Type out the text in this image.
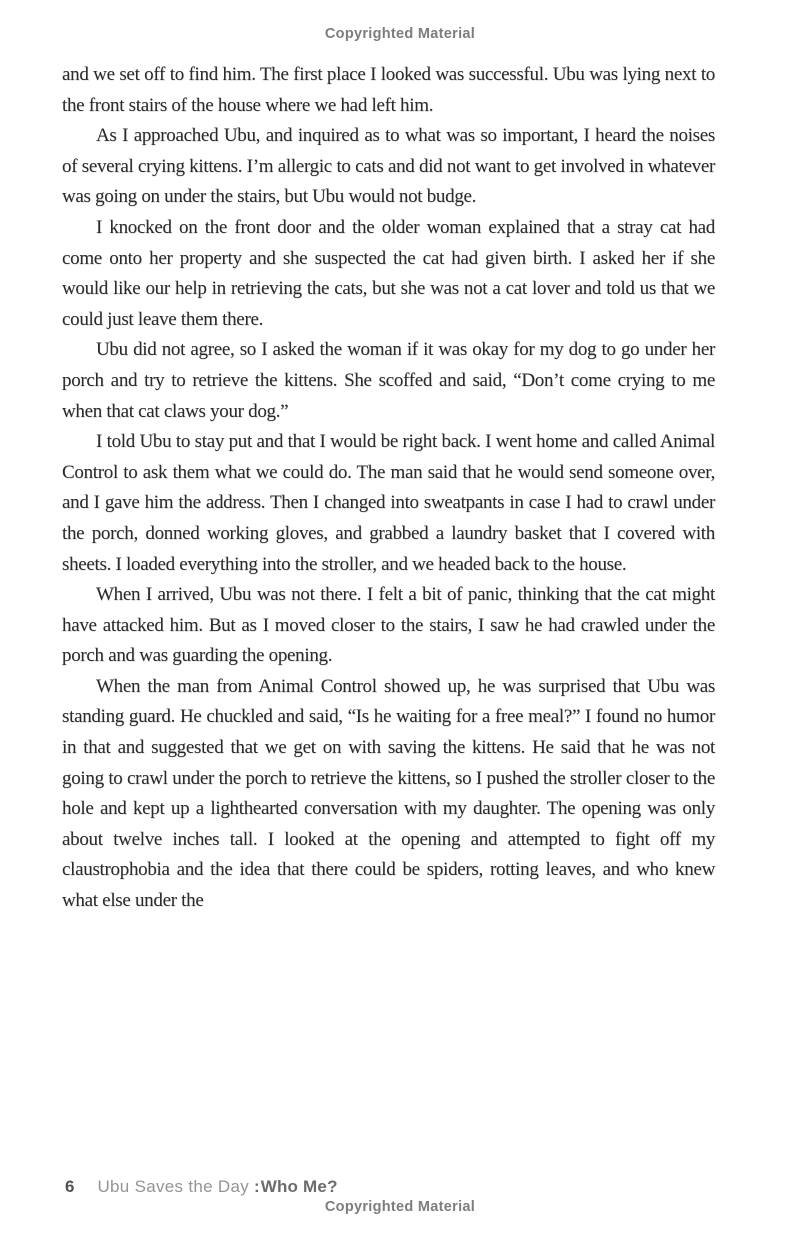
Copyrighted Material

and we set off to find him. The first place I looked was successful. Ubu was lying next to the front stairs of the house where we had left him.

As I approached Ubu, and inquired as to what was so important, I heard the noises of several crying kittens. I’m allergic to cats and did not want to get involved in whatever was going on under the stairs, but Ubu would not budge.

I knocked on the front door and the older woman explained that a stray cat had come onto her property and she suspected the cat had given birth. I asked her if she would like our help in retrieving the cats, but she was not a cat lover and told us that we could just leave them there.

Ubu did not agree, so I asked the woman if it was okay for my dog to go under her porch and try to retrieve the kittens. She scoffed and said, “Don’t come crying to me when that cat claws your dog.”

I told Ubu to stay put and that I would be right back. I went home and called Animal Control to ask them what we could do. The man said that he would send someone over, and I gave him the address. Then I changed into sweatpants in case I had to crawl under the porch, donned working gloves, and grabbed a laundry basket that I covered with sheets. I loaded everything into the stroller, and we headed back to the house.

When I arrived, Ubu was not there. I felt a bit of panic, thinking that the cat might have attacked him. But as I moved closer to the stairs, I saw he had crawled under the porch and was guarding the opening.

When the man from Animal Control showed up, he was surprised that Ubu was standing guard. He chuckled and said, “Is he waiting for a free meal?” I found no humor in that and suggested that we get on with saving the kittens. He said that he was not going to crawl under the porch to retrieve the kittens, so I pushed the stroller closer to the hole and kept up a lighthearted conversation with my daughter. The opening was only about twelve inches tall. I looked at the opening and attempted to fight off my claustrophobia and the idea that there could be spiders, rotting leaves, and who knew what else under the

6 Ubu Saves the Day :Who Me?
Copyrighted Material
